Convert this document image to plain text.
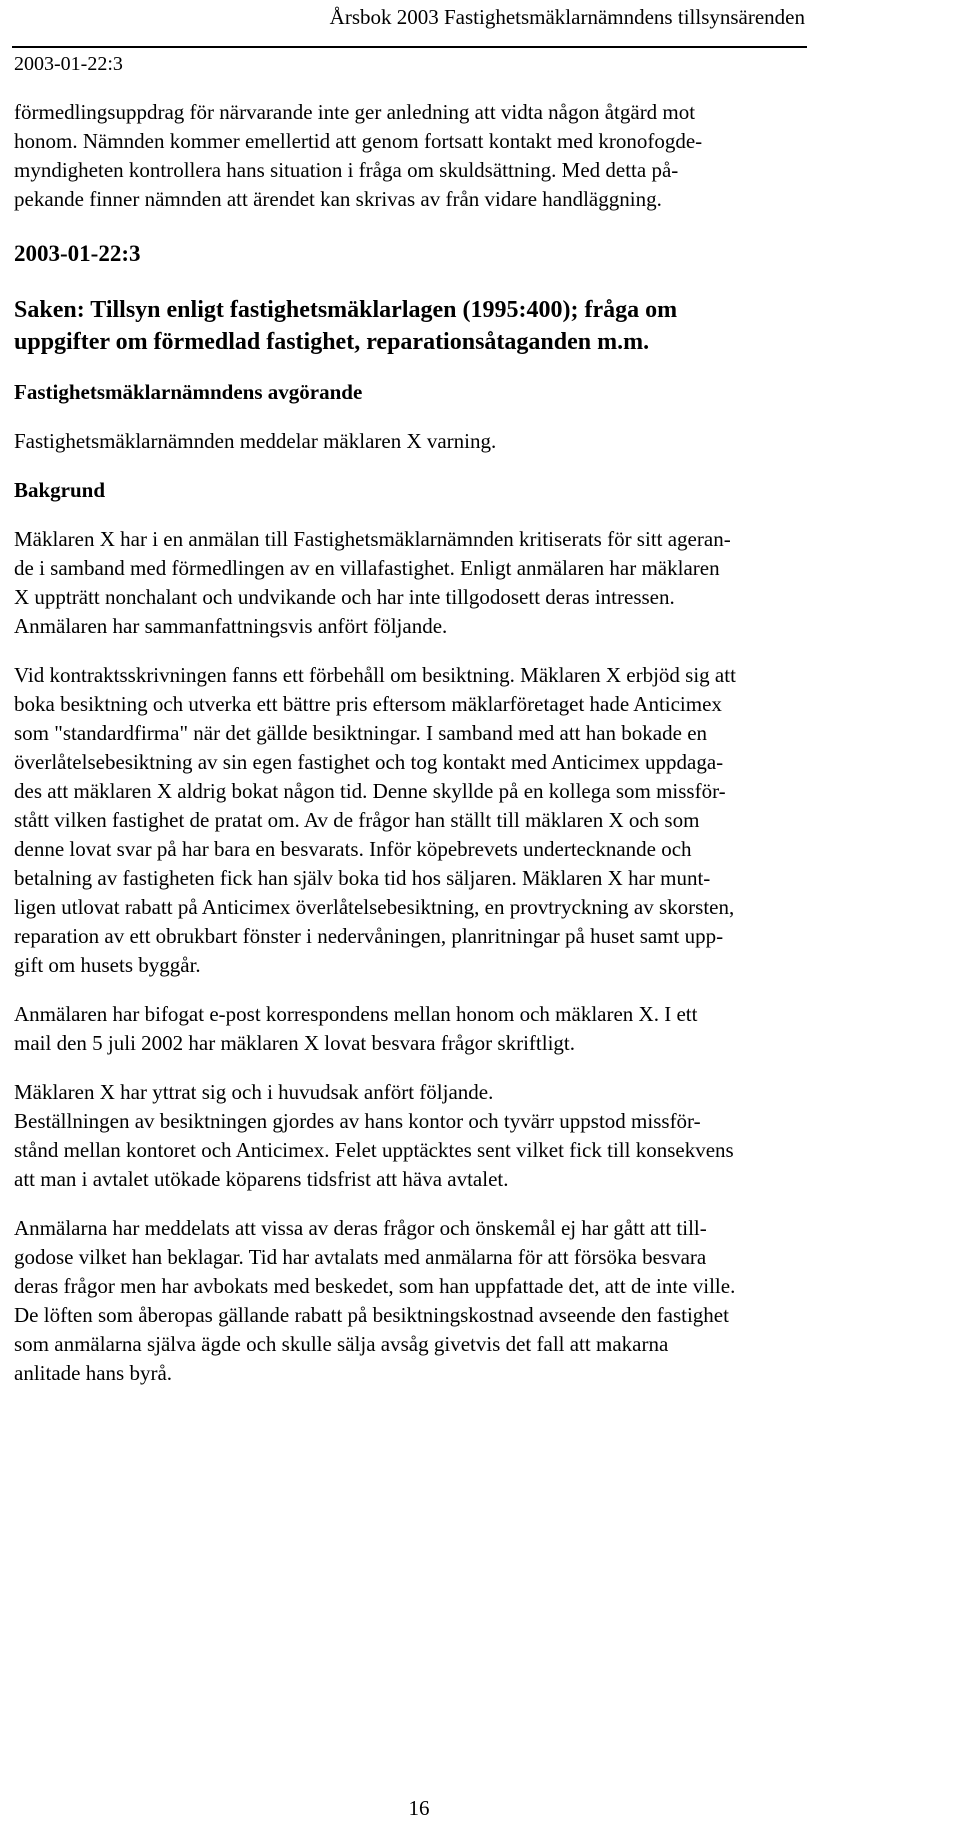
Årsbok 2003 Fastighetsmäklarnämndens tillsynsärenden
2003-01-22:3

förmedlingsuppdrag för närvarande inte ger anledning att vidta någon åtgärd mot
honom. Nämnden kommer emellertid att genom fortsatt kontakt med kronofogde-
myndigheten kontrollera hans situation i fråga om skuldsättning. Med detta på-
pekande finner nämnden att ärendet kan skrivas av från vidare handläggning.

2003-01-22:3

Saken: Tillsyn enligt fastighetsmäklarlagen (1995:400); fråga om
uppgifter om förmedlad fastighet, reparationsåtaganden m.m.

Fastighetsmäklarnämndens avgörande

Fastighetsmäklarnämnden meddelar mäklaren X varning.

Bakgrund

Mäklaren X har i en anmälan till Fastighetsmäklarnämnden kritiserats för sitt ageran-
de i samband med förmedlingen av en villafastighet. Enligt anmälaren har mäklaren
X uppträtt nonchalant och undvikande och har inte tillgodosett deras intressen.
Anmälaren har sammanfattningsvis anfört följande.

Vid kontraktsskrivningen fanns ett förbehåll om besiktning. Mäklaren X erbjöd sig att
boka besiktning och utverka ett bättre pris eftersom mäklarföretaget hade Anticimex
som "standardfirma" när det gällde besiktningar. I samband med att han bokade en
överlåtelsebesiktning av sin egen fastighet och tog kontakt med Anticimex uppdaga-
des att mäklaren X aldrig bokat någon tid. Denne skyllde på en kollega som missför-
stått vilken fastighet de pratat om. Av de frågor han ställt till mäklaren X och som
denne lovat svar på har bara en besvarats. Inför köpebrevets undertecknande och
betalning av fastigheten fick han själv boka tid hos säljaren. Mäklaren X har munt-
ligen utlovat rabatt på Anticimex överlåtelsebesiktning, en provtryckning av skorsten,
reparation av ett obrukbart fönster i nedervåningen, planritningar på huset samt upp-
gift om husets byggår.

Anmälaren har bifogat e-post korrespondens mellan honom och mäklaren X. I ett
mail den 5 juli 2002 har mäklaren X lovat besvara frågor skriftligt.

Mäklaren X har yttrat sig och i huvudsak anfört följande.
Beställningen av besiktningen gjordes av hans kontor och tyvärr uppstod missför-
stånd mellan kontoret och Anticimex. Felet upptäcktes sent vilket fick till konsekvens
att man i avtalet utökade köparens tidsfrist att häva avtalet.

Anmälarna har meddelats att vissa av deras frågor och önskemål ej har gått att till-
godose vilket han beklagar. Tid har avtalats med anmälarna för att försöka besvara
deras frågor men har avbokats med beskedet, som han uppfattade det, att de inte ville.
De löften som åberopas gällande rabatt på besiktningskostnad avseende den fastighet
som anmälarna själva ägde och skulle sälja avsåg givetvis det fall att makarna
anlitade hans byrå.

16
